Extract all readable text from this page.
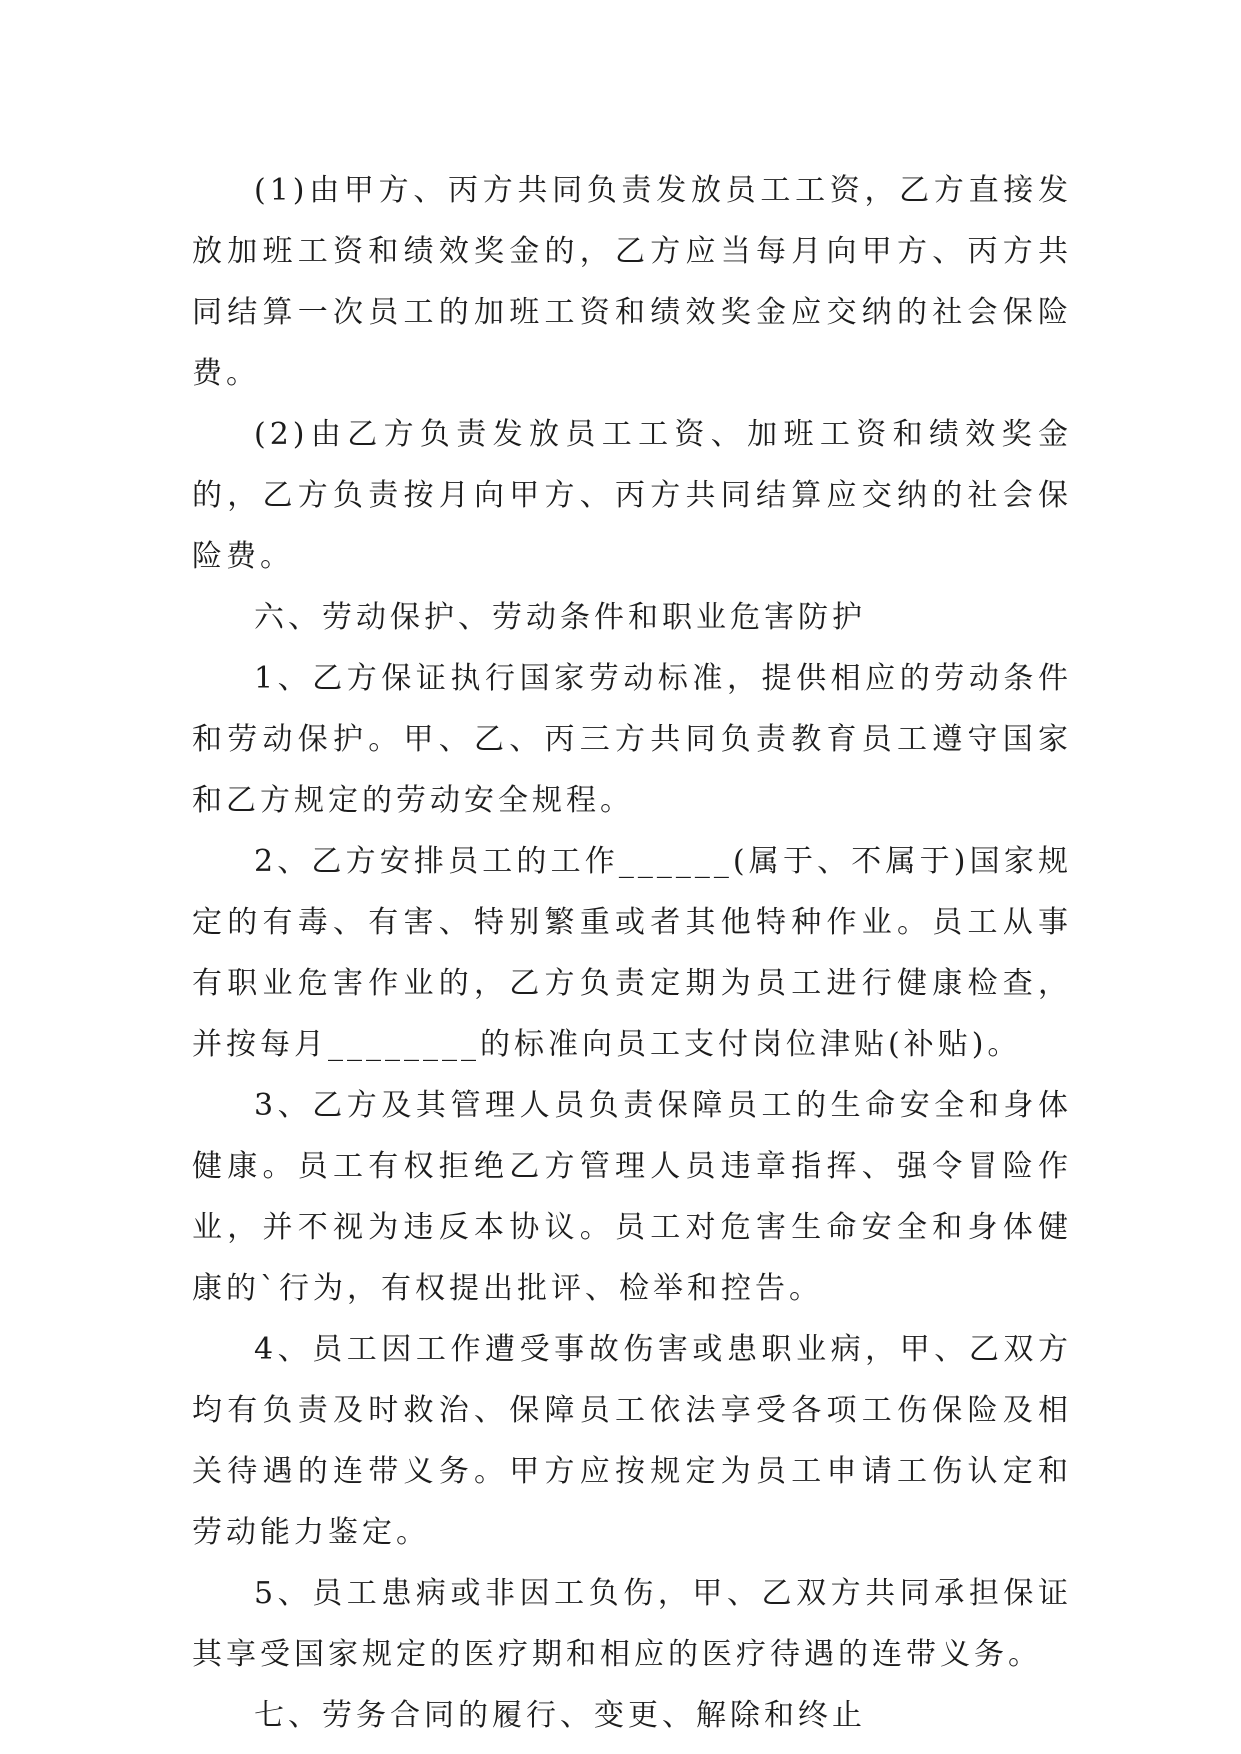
(1)由甲方、丙方共同负责发放员工工资，乙方直接发放加班工资和绩效奖金的，乙方应当每月向甲方、丙方共同结算一次员工的加班工资和绩效奖金应交纳的社会保险费。

(2)由乙方负责发放员工工资、加班工资和绩效奖金的，乙方负责按月向甲方、丙方共同结算应交纳的社会保险费。

六、劳动保护、劳动条件和职业危害防护

1、乙方保证执行国家劳动标准，提供相应的劳动条件和劳动保护。甲、乙、丙三方共同负责教育员工遵守国家和乙方规定的劳动安全规程。

2、乙方安排员工的工作______(属于、不属于)国家规定的有毒、有害、特别繁重或者其他特种作业。员工从事有职业危害作业的，乙方负责定期为员工进行健康检查，并按每月________的标准向员工支付岗位津贴(补贴)。

3、乙方及其管理人员负责保障员工的生命安全和身体健康。员工有权拒绝乙方管理人员违章指挥、强令冒险作业，并不视为违反本协议。员工对危害生命安全和身体健康的`行为，有权提出批评、检举和控告。

4、员工因工作遭受事故伤害或患职业病，甲、乙双方均有负责及时救治、保障员工依法享受各项工伤保险及相关待遇的连带义务。甲方应按规定为员工申请工伤认定和劳动能力鉴定。

5、员工患病或非因工负伤，甲、乙双方共同承担保证其享受国家规定的医疗期和相应的医疗待遇的连带义务。

七、劳务合同的履行、变更、解除和终止
